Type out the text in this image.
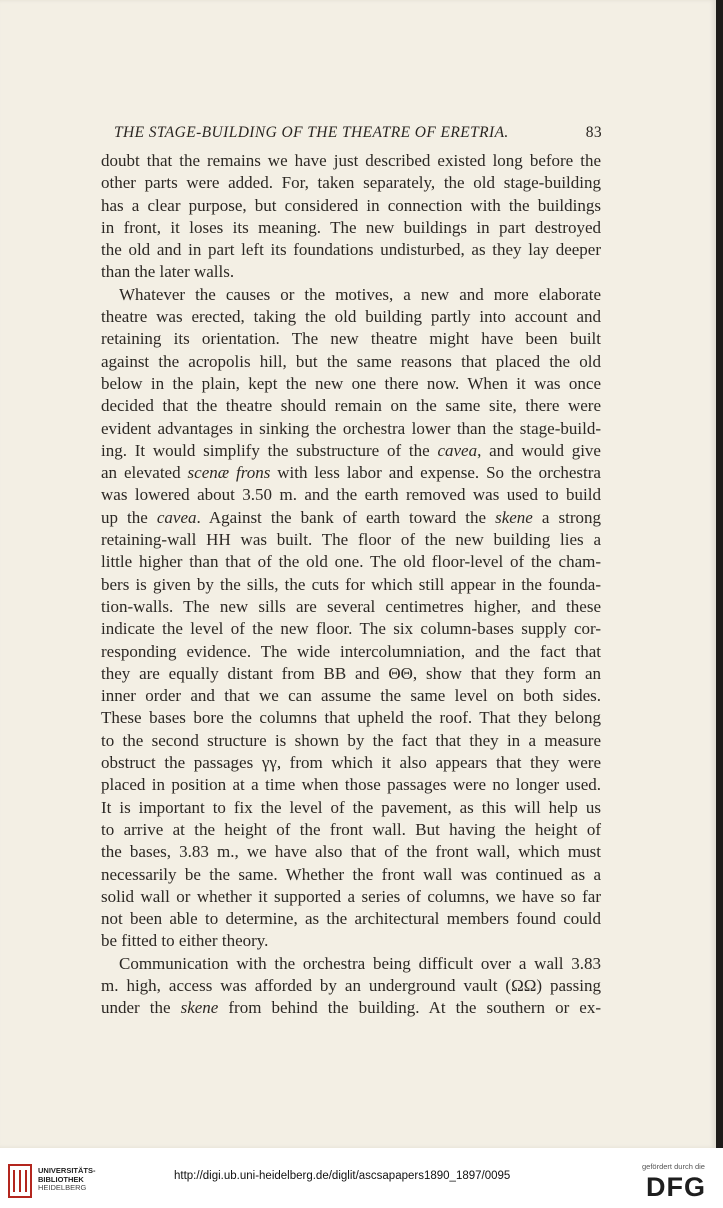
THE STAGE-BUILDING OF THE THEATRE OF ERETRIA.	83
doubt that the remains we have just described existed long before the
other parts were added. For, taken separately, the old stage-building
has a clear purpose, but considered in connection with the buildings
in front, it loses its meaning. The new buildings in part destroyed
the old and in part left its foundations undisturbed, as they lay deeper
than the later walls.
Whatever the causes or the motives, a new and more elaborate
theatre was erected, taking the old building partly into account and
retaining its orientation. The new theatre might have been built
against the acropolis hill, but the same reasons that placed the old
below in the plain, kept the new one there now. When it was once
decided that the theatre should remain on the same site, there were
evident advantages in sinking the orchestra lower than the stage-build-
ing. It would simplify the substructure of the cavea, and would give
an elevated scenæ frons with less labor and expense. So the orchestra
was lowered about 3.50 m. and the earth removed was used to build
up the cavea. Against the bank of earth toward the skene a strong
retaining-wall HH was built. The floor of the new building lies a
little higher than that of the old one. The old floor-level of the cham-
bers is given by the sills, the cuts for which still appear in the founda-
tion-walls. The new sills are several centimetres higher, and these
indicate the level of the new floor. The six column-bases supply cor-
responding evidence. The wide intercolumniation, and the fact that
they are equally distant from BB and ΘΘ, show that they form an
inner order and that we can assume the same level on both sides.
These bases bore the columns that upheld the roof. That they belong
to the second structure is shown by the fact that they in a measure
obstruct the passages γγ, from which it also appears that they were
placed in position at a time when those passages were no longer used.
It is important to fix the level of the pavement, as this will help us
to arrive at the height of the front wall. But having the height of
the bases, 3.83 m., we have also that of the front wall, which must
necessarily be the same. Whether the front wall was continued as a
solid wall or whether it supported a series of columns, we have so far
not been able to determine, as the architectural members found could
be fitted to either theory.
Communication with the orchestra being difficult over a wall 3.83
m. high, access was afforded by an underground vault (ΩΩ) passing
under the skene from behind the building. At the southern or ex-
UNIVERSITÄTS-
BIBLIOTHEK
HEIDELBERG
http://digi.ub.uni-heidelberg.de/diglit/ascsapapers1890_1897/0095
gefördert durch die
DFG
